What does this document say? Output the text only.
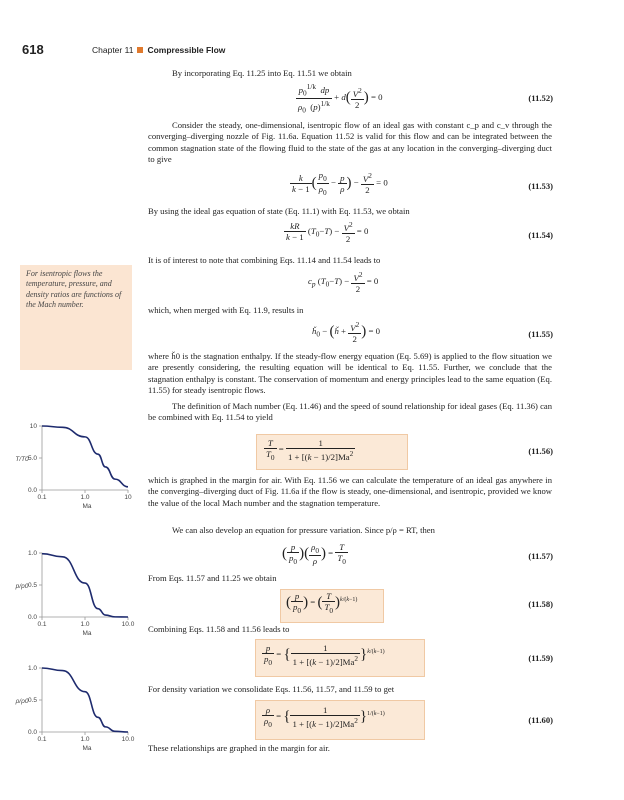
618	Chapter 11 Compressible Flow
By incorporating Eq. 11.25 into Eq. 11.51 we obtain
$\frac{p_0^{1/k} dp}{\rho_0 (p)^{1/k}} + d( \frac{V^2}{2}$ ) = 0	(11.52)
Consider the steady, one-dimensional, isentropic flow of an ideal gas with constant c_p and c_v through the converging–diverging nozzle of Fig. 11.6a. Equation 11.52 is valid for this flow and can be integrated between the common stagnation state of the flowing fluid to the state of the gas at any location in the converging–diverging duct to give
$\frac{k}{k - 1}$ ( $\frac{p_0}{\rho_0} - \frac{p}{\rho}$ ) − $\frac{V^2}{2} = 0$	(11.53)
By using the ideal gas equation of state (Eq. 11.1) with Eq. 11.53, we obtain
$\frac{kR}{k - 1} (T_0-T) - \frac{V^2}{2} = 0$	(11.54)
It is of interest to note that combining Eqs. 11.14 and 11.54 leads to
$c_p$ $(T_0-T) - \frac{V^2}{2} = 0$
For isentropic flows the temperature, pressure, and density ratios are functions of the Mach number.
which, when merged with Eq. 11.9, results in
$ȟ_0$ − (ȟ + $\frac{V^2}{2}$ ) = 0	(11.55)
where ȟ0 is the stagnation enthalpy. If the steady-flow energy equation (Eq. 5.69) is applied to the flow situation we are presently considering, the resulting equation will be identical to Eq. 11.55. Further, we conclude that the stagnation enthalpy is constant. The conservation of momentum and energy principles lead to the same equation (Eq. 11.55) for steady isentropic flows.
The definition of Mach number (Eq. 11.46) and the speed of sound relationship for ideal gases (Eq. 11.36) can be combined with Eq. 11.54 to yield
$\frac{T}{T_0} = \frac{1}{1 + [(k - 1)/2]Ma^2}$	(11.56)
which is graphed in the margin for air. With Eq. 11.56 we can calculate the temperature of an ideal gas anywhere in the converging–diverging duct of Fig. 11.6a if the flow is steady, one-dimensional, and isentropic, provided we know the value of the local Mach number and the stagnation temperature.
We can also develop an equation for pressure variation. Since p/ρ = RT, then
( $\frac{p}{p_0}$ )( $\frac{\rho_0}{\rho}$ ) = $\frac{T}{T_0}$	(11.57)
From Eqs. 11.57 and 11.25 we obtain
( $\frac{p}{p_0}$ ) = ( $\frac{T}{T_0} )^{k/(k-1)}$	(11.58)
Combining Eqs. 11.58 and 11.56 leads to
$\frac{p}{p_0}$ = { $\frac{1}{1 + [(k - 1)/2]Ma^2} \}^{k/(k-1)}$
(11.59)
For density variation we consolidate Eqs. 11.56, 11.57, and 11.59 to get
$\frac{\rho}{\rho_0}$ = { $\frac{1}{1 + [(k - 1)/2]Ma^2} \}^{1/(k-1)}$
(11.60)
These relationships are graphed in the margin for air.
0.0
5.0
10
0.1	1.0	10
Ma
T/T0
0.0
0.5
1.0
0.1	1.0	10.0
Ma
p/p0
0.0
0.5
1.0
0.1	1.0	10.0
Ma
ρ/ρ0
